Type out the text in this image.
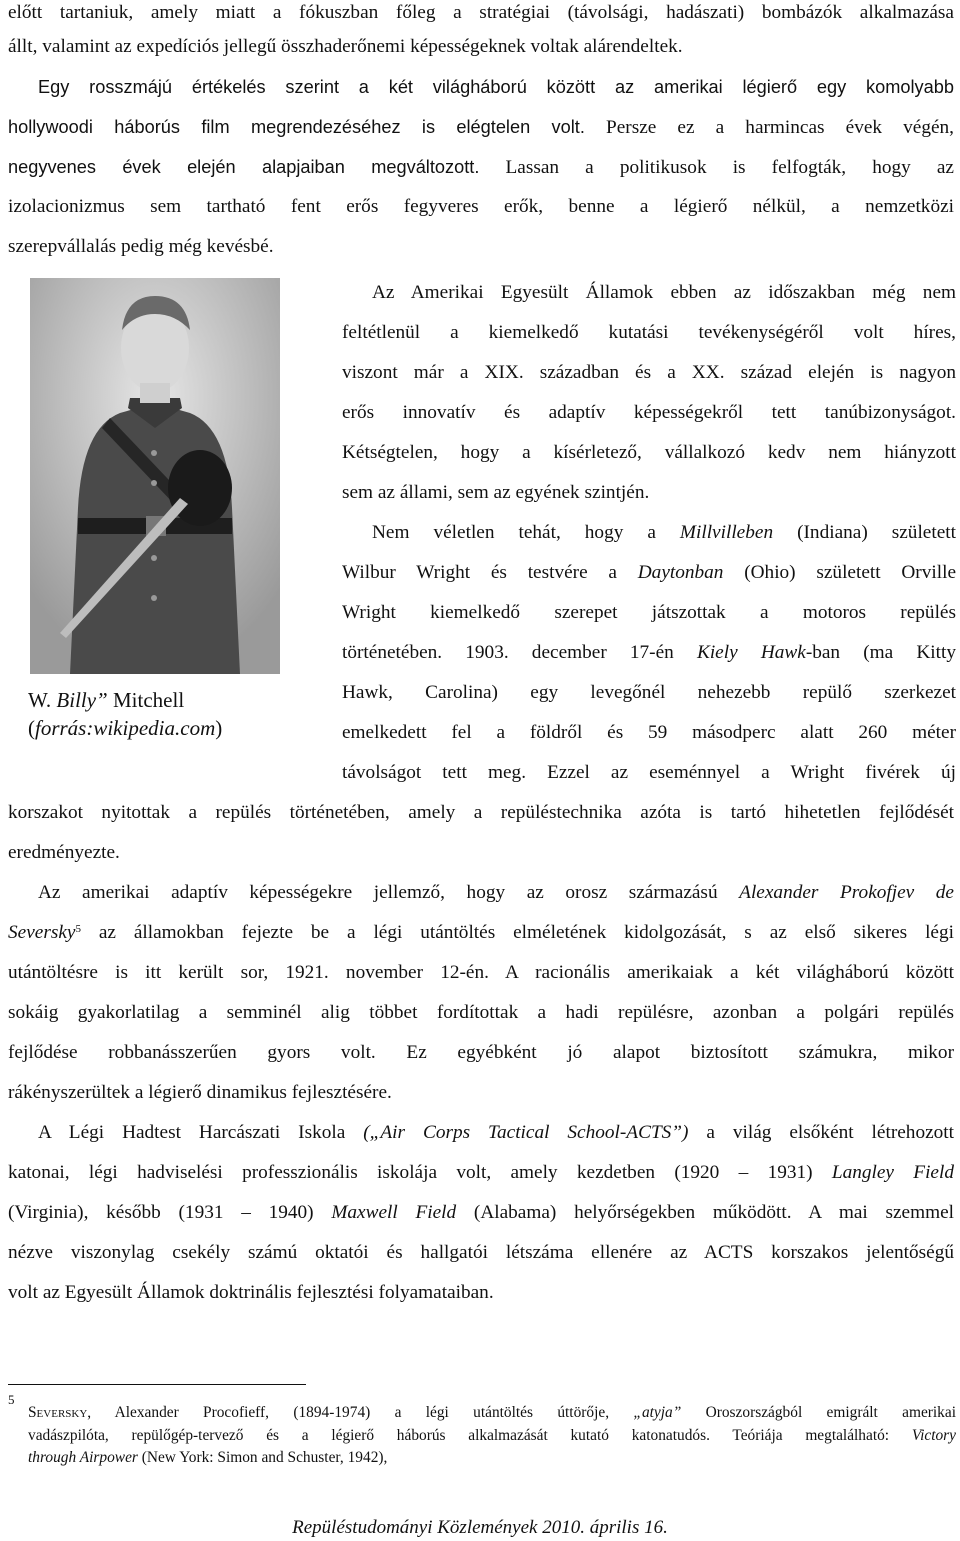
előtt tartaniuk, amely miatt a fókuszban főleg a stratégiai (távolsági, hadászati) bombázók alkalmazása
állt, valamint az expedíciós jellegű összhaderőnemi képességeknek voltak alárendeltek.
Egy rosszmájú értékelés szerint a két világháború között az amerikai légierő egy komolyabb
hollywoodi háborús film megrendezéséhez is elégtelen volt. Persze ez a harmincas évek végén,
negyvenes évek elején alapjaiban megváltozott. Lassan a politikusok is felfogták, hogy az
izolacionizmus sem tartható fent erős fegyveres erők, benne a légierő nélkül, a nemzetközi
szerepvállalás pedig még kevésbé.
Az Amerikai Egyesült Államok ebben az időszakban még nem
feltétlenül a kiemelkedő kutatási tevékenységéről volt híres,
viszont már a XIX. században és a XX. század elején is nagyon
erős innovatív és adaptív képességekről tett tanúbizonyságot.
Kétségtelen, hogy a kísérletező, vállalkozó kedv nem hiányzott
sem az állami, sem az egyének szintjén.
Nem véletlen tehát, hogy a Millvilleben (Indiana) született
Wilbur Wright és testvére a Daytonban (Ohio) született Orville
Wright kiemelkedő szerepet játszottak a motoros repülés
történetében. 1903. december 17-én Kiely Hawk-ban (ma Kitty
Hawk, Carolina) egy levegőnél nehezebb repülő szerkezet
emelkedett fel a földről és 59 másodperc alatt 260 méter
távolságot tett meg. Ezzel az eseménnyel a Wright fivérek új
W. Billy” Mitchell
(forrás:wikipedia.com)
korszakot nyitottak a repülés történetében, amely a repüléstechnika azóta is tartó hihetetlen fejlődését
eredményezte.
Az amerikai adaptív képességekre jellemző, hogy az orosz származású Alexander Prokofjev de
Seversky$^5$ az államokban fejezte be a légi utántöltés elméletének kidolgozását, s az első sikeres légi
utántöltésre is itt került sor, 1921. november 12-én. A racionális amerikaiak a két világháború között
sokáig gyakorlatilag a semminél alig többet fordítottak a hadi repülésre, azonban a polgári repülés
fejlődése robbanásszerűen gyors volt. Ez egyébként jó alapot biztosított számukra, mikor
rákényszerültek a légierő dinamikus fejlesztésére.
A Légi Hadtest Harcászati Iskola („Air Corps Tactical School-ACTS”) a világ elsőként létrehozott
katonai, légi hadviselési professzionális iskolája volt, amely kezdetben (1920 – 1931) Langley Field
(Virginia), később (1931 – 1940) Maxwell Field (Alabama) helyőrségekben működött. A mai szemmel
nézve viszonylag csekély számú oktatói és hallgatói létszáma ellenére az ACTS korszakos jelentőségű
volt az Egyesült Államok doktrinális fejlesztési folyamataiban.
5
Seversky, Alexander Procofieff, (1894-1974) a légi utántöltés úttörője, „atyja” Oroszországból emigrált amerikai
vadászpilóta, repülőgép-tervező és a légierő háborús alkalmazását kutató katonatudós. Teóriája megtalálható: Victory
through Airpower (New York: Simon and Schuster, 1942),
Repüléstudományi Közlemények 2010. április 16.
